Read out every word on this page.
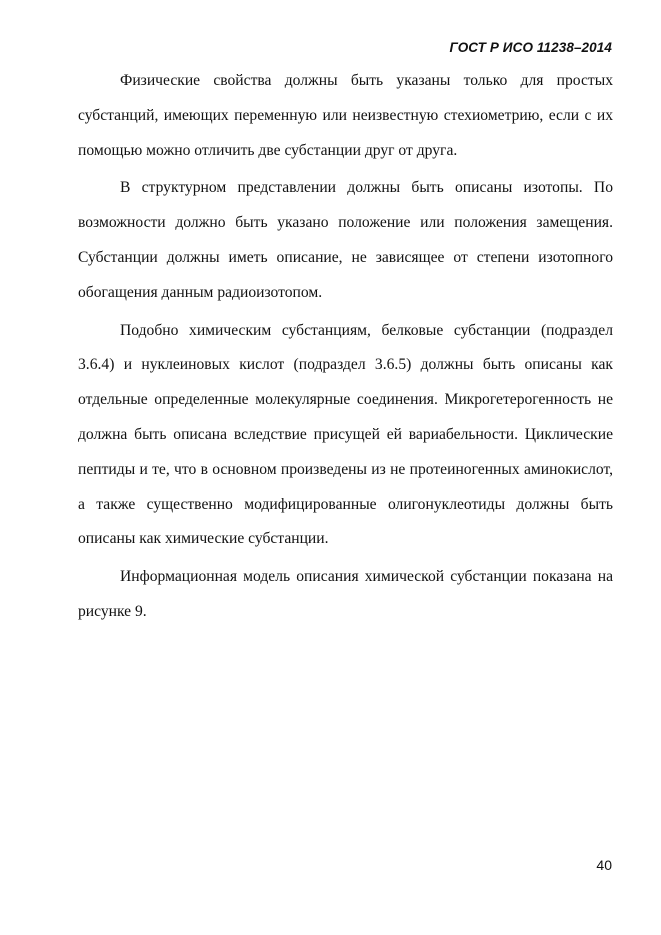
ГОСТ Р ИСО 11238–2014
Физические свойства должны быть указаны только для простых
субстанций, имеющих переменную или неизвестную стехиометрию, если с их
помощью можно отличить две субстанции друг от друга.
В структурном представлении должны быть описаны изотопы. По
возможности должно быть указано положение или положения замещения.
Субстанции должны иметь описание, не зависящее от степени изотопного
обогащения данным радиоизотопом.
Подобно химическим субстанциям, белковые субстанции (подраздел
3.6.4) и нуклеиновых кислот (подраздел 3.6.5) должны быть описаны как
отдельные определенные молекулярные соединения. Микрогетерогенность не
должна быть описана вследствие присущей ей вариабельности. Циклические
пептиды и те, что в основном произведены из не протеиногенных аминокислот,
а также существенно модифицированные олигонуклеотиды должны быть
описаны как химические субстанции.
Информационная модель описания химической субстанции показана на
рисунке 9.
40
